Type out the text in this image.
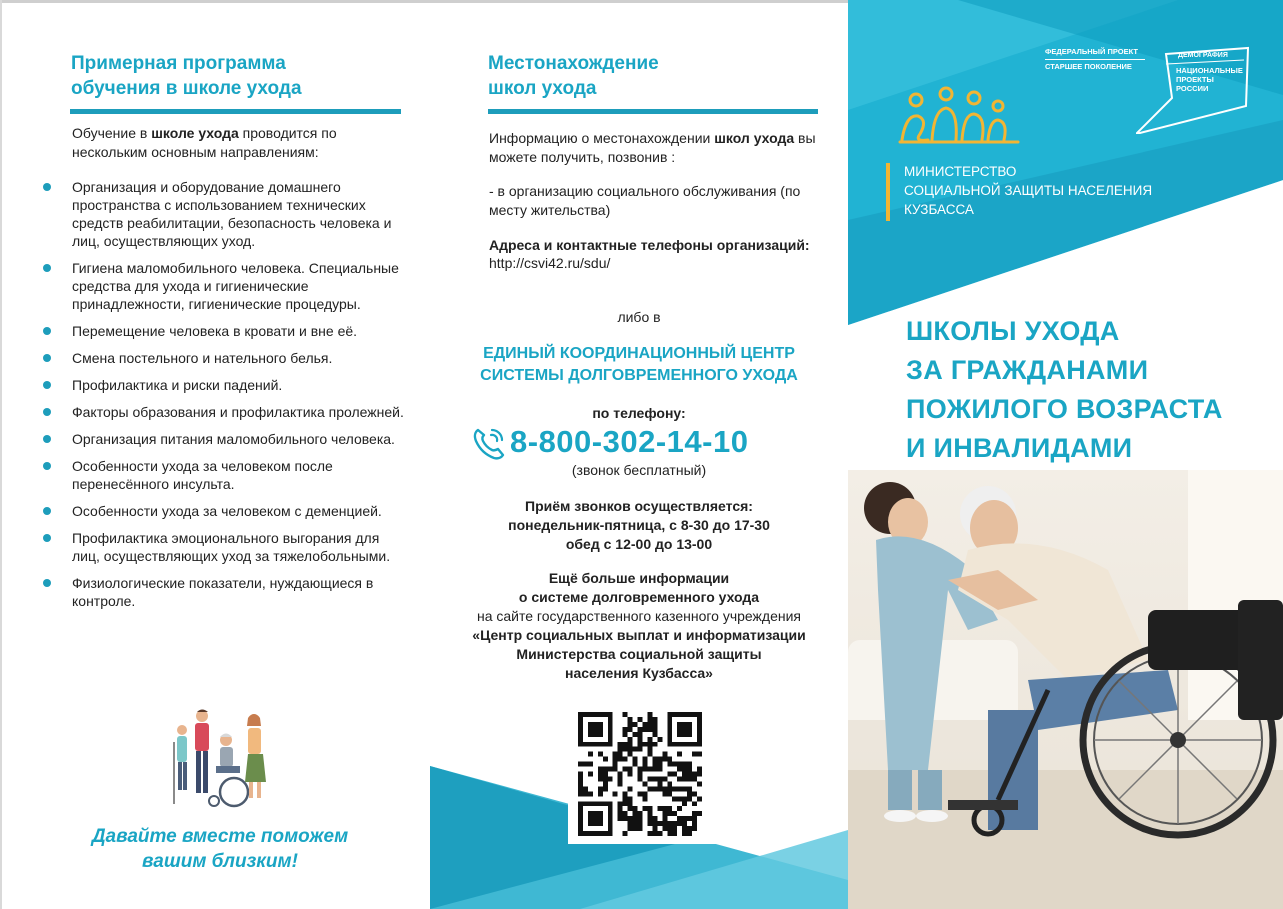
Примерная программа
обучения в школе ухода
Обучение в школе ухода проводится по нескольким основным направлениям:
Организация и оборудование домашнего пространства с использованием технических средств реабилитации, безопасность человека и лиц, осуществляющих уход.
Гигиена маломобильного человека. Специальные средства для ухода и гигиенические принадлежности, гигиенические процедуры.
Перемещение человека в кровати и вне её.
Смена постельного и нательного белья.
Профилактика и риски падений.
Факторы образования и профилактика пролежней.
Организация питания маломобильного человека.
Особенности ухода за человеком после перенесённого инсульта.
Особенности ухода за человеком с деменцией.
Профилактика эмоционального выгорания для лиц, осуществляющих уход за тяжелобольными.
Физиологические показатели, нуждающиеся в контроле.
Давайте вместе поможем
вашим близким!
Местонахождение
школ ухода
Информацию о местонахождении школ ухода вы можете получить, позвонив :
- в организацию социального обслуживания (по месту жительства)
Адреса и контактные телефоны организаций:
http://csvi42.ru/sdu/
либо в
ЕДИНЫЙ КООРДИНАЦИОННЫЙ ЦЕНТР
СИСТЕМЫ ДОЛГОВРЕМЕННОГО УХОДА
по телефону:
8-800-302-14-10
(звонок бесплатный)
Приём звонков осуществляется:
понедельник-пятница, с 8-30 до 17-30
обед с 12-00 до 13-00
Ещё больше информации
о системе долговременного ухода
на сайте государственного казенного учреждения
«Центр социальных выплат и информатизации
Министерства социальной защиты
населения Кузбасса»
ФЕДЕРАЛЬНЫЙ ПРОЕКТ
СТАРШЕЕ ПОКОЛЕНИЕ
ДЕМОГРАФИЯ
НАЦИОНАЛЬНЫЕ
ПРОЕКТЫ
РОССИИ
МИНИСТЕРСТВО
СОЦИАЛЬНОЙ ЗАЩИТЫ НАСЕЛЕНИЯ
КУЗБАССА
ШКОЛЫ УХОДА
ЗА ГРАЖДАНАМИ
ПОЖИЛОГО ВОЗРАСТА
И ИНВАЛИДАМИ
